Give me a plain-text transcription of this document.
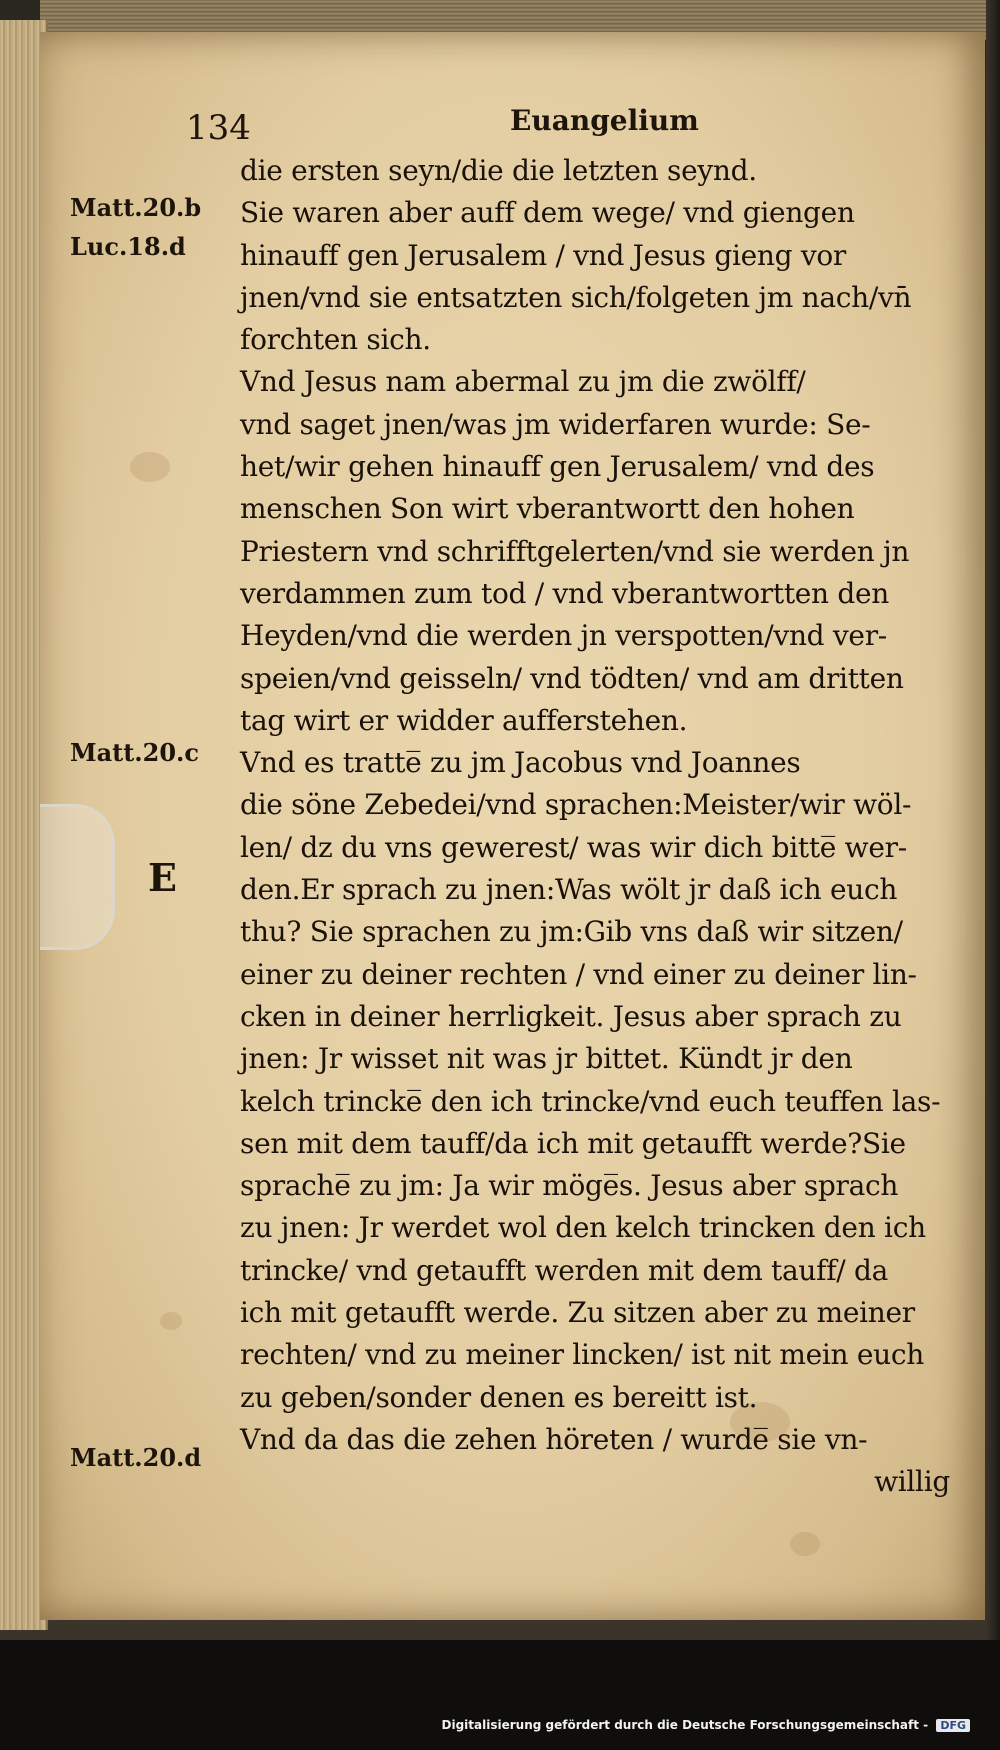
134	Euangelium
Matt.20.b
Luc.18.d
Matt.20.c
E
Matt.20.d
die ersten seyn/die die letzten seynd.
Sie waren aber auff dem wege/ vnd giengen
hinauff gen Jerusalem / vnd Jesus gieng vor
jnen/vnd sie entsatzten sich/folgeten jm nach/vn̄
forchten sich.
Vnd Jesus nam abermal zu jm die zwölff/
vnd saget jnen/was jm widerfaren wurde: Se-
het/wir gehen hinauff gen Jerusalem/ vnd des
menschen Son wirt vberantwortt den hohen
Priestern vnd schrifftgelerten/vnd sie werden jn
verdammen zum tod / vnd vberantwortten den
Heyden/vnd die werden jn verspotten/vnd ver-
speien/vnd geisseln/ vnd tödten/ vnd am dritten
tag wirt er widder aufferstehen.
Vnd es tratte̅ zu jm Jacobus vnd Joannes
die söne Zebedei/vnd sprachen:Meister/wir wöl-
len/ dz du vns gewerest/ was wir dich bitte̅ wer-
den.Er sprach zu jnen:Was wölt jr daß ich euch
thu? Sie sprachen zu jm:Gib vns daß wir sitzen/
einer zu deiner rechten / vnd einer zu deiner lin-
cken in deiner herrligkeit. Jesus aber sprach zu
jnen: Jr wisset nit was jr bittet. Kündt jr den
kelch trincke̅ den ich trincke/vnd euch teuffen las-
sen mit dem tauff/da ich mit getaufft werde?Sie
sprache̅ zu jm: Ja wir möge̅s. Jesus aber sprach
zu jnen: Jr werdet wol den kelch trincken den ich
trincke/ vnd getaufft werden mit dem tauff/ da
ich mit getaufft werde. Zu sitzen aber zu meiner
rechten/ vnd zu meiner lincken/ ist nit mein euch
zu geben/sonder denen es bereitt ist.
Vnd da das die zehen höreten / wurde̅ sie vn-
willig
Digitalisierung gefördert durch die Deutsche Forschungsgemeinschaft - DFG
